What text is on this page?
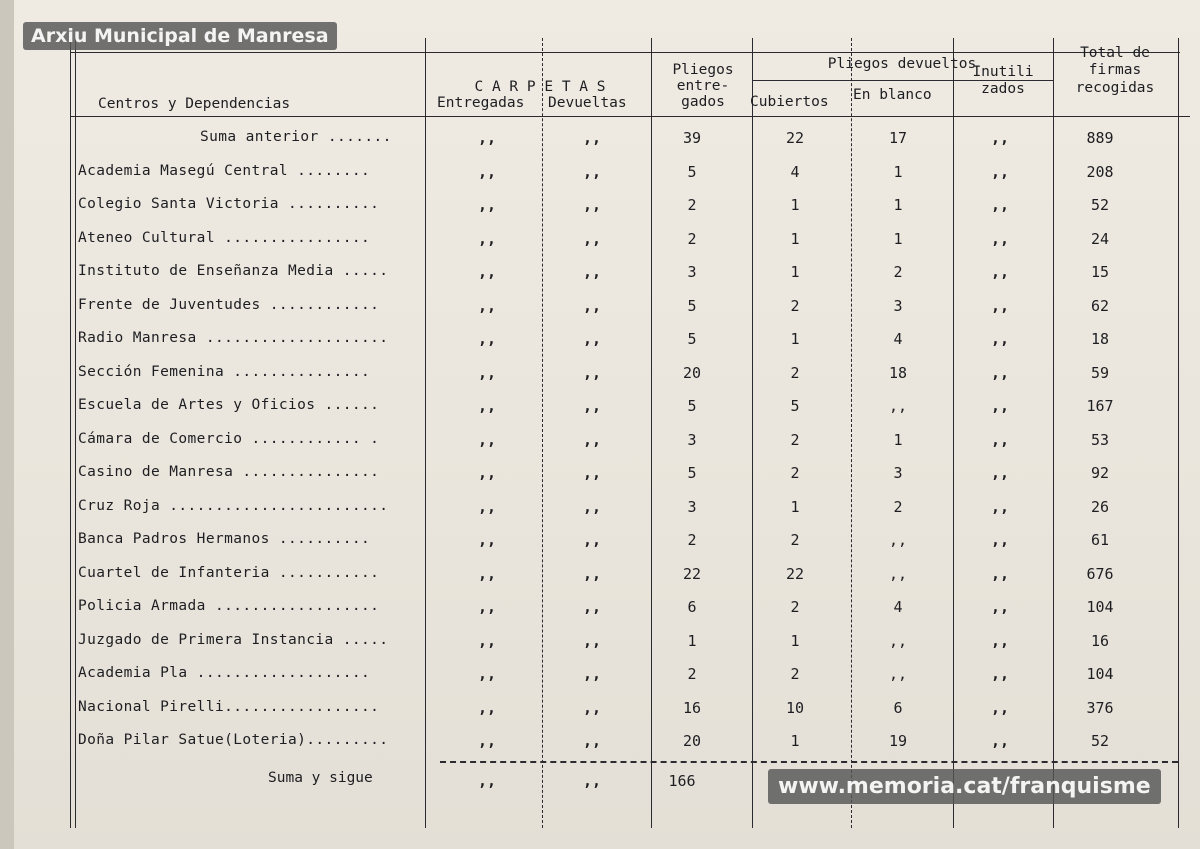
Centros y Dependencias
C A R P E T A S
Entregadas Devueltas
Pliegos
entre-
gados
Pliegos devueltos
Cubiertos En blanco
Inutili
zados
Total de
firmas
recogidas
Suma anterior .......	,,	,,	39	22	17	,,	889
Academia Masegú Central ........	,,	,,	5	4	1	,,	208
Colegio Santa Victoria ..........	,,	,,	2	1	1	,,	52
Ateneo Cultural ................	,,	,,	2	1	1	,,	24
Instituto de Enseñanza Media .....	,,	,,	3	1	2	,,	15
Frente de Juventudes ............	,,	,,	5	2	3	,,	62
Radio Manresa ....................	,,	,,	5	1	4	,,	18
Sección Femenina ...............	,,	,,	20	2	18	,,	59
Escuela de Artes y Oficios ......	,,	,,	5	5	,,	,,	167
Cámara de Comercio ............ .	,,	,,	3	2	1	,,	53
Casino de Manresa ...............	,,	,,	5	2	3	,,	92
Cruz Roja ........................	,,	,,	3	1	2	,,	26
Banca Padros Hermanos ..........	,,	,,	2	2	,,	,,	61
Cuartel de Infanteria ...........	,,	,,	22	22	,,	,,	676
Policia Armada ..................	,,	,,	6	2	4	,,	104
Juzgado de Primera Instancia .....	,,	,,	1	1	,,	,,	16
Academia Pla ...................	,,	,,	2	2	,,	,,	104
Nacional Pirelli.................	,,	,,	16	10	6	,,	376
Doña Pilar Satue(Loteria).........	,,	,,	20	1	19	,,	52
Suma y sigue	,,	,,	166
Arxiu Municipal de Manresa
www.memoria.cat/franquisme
